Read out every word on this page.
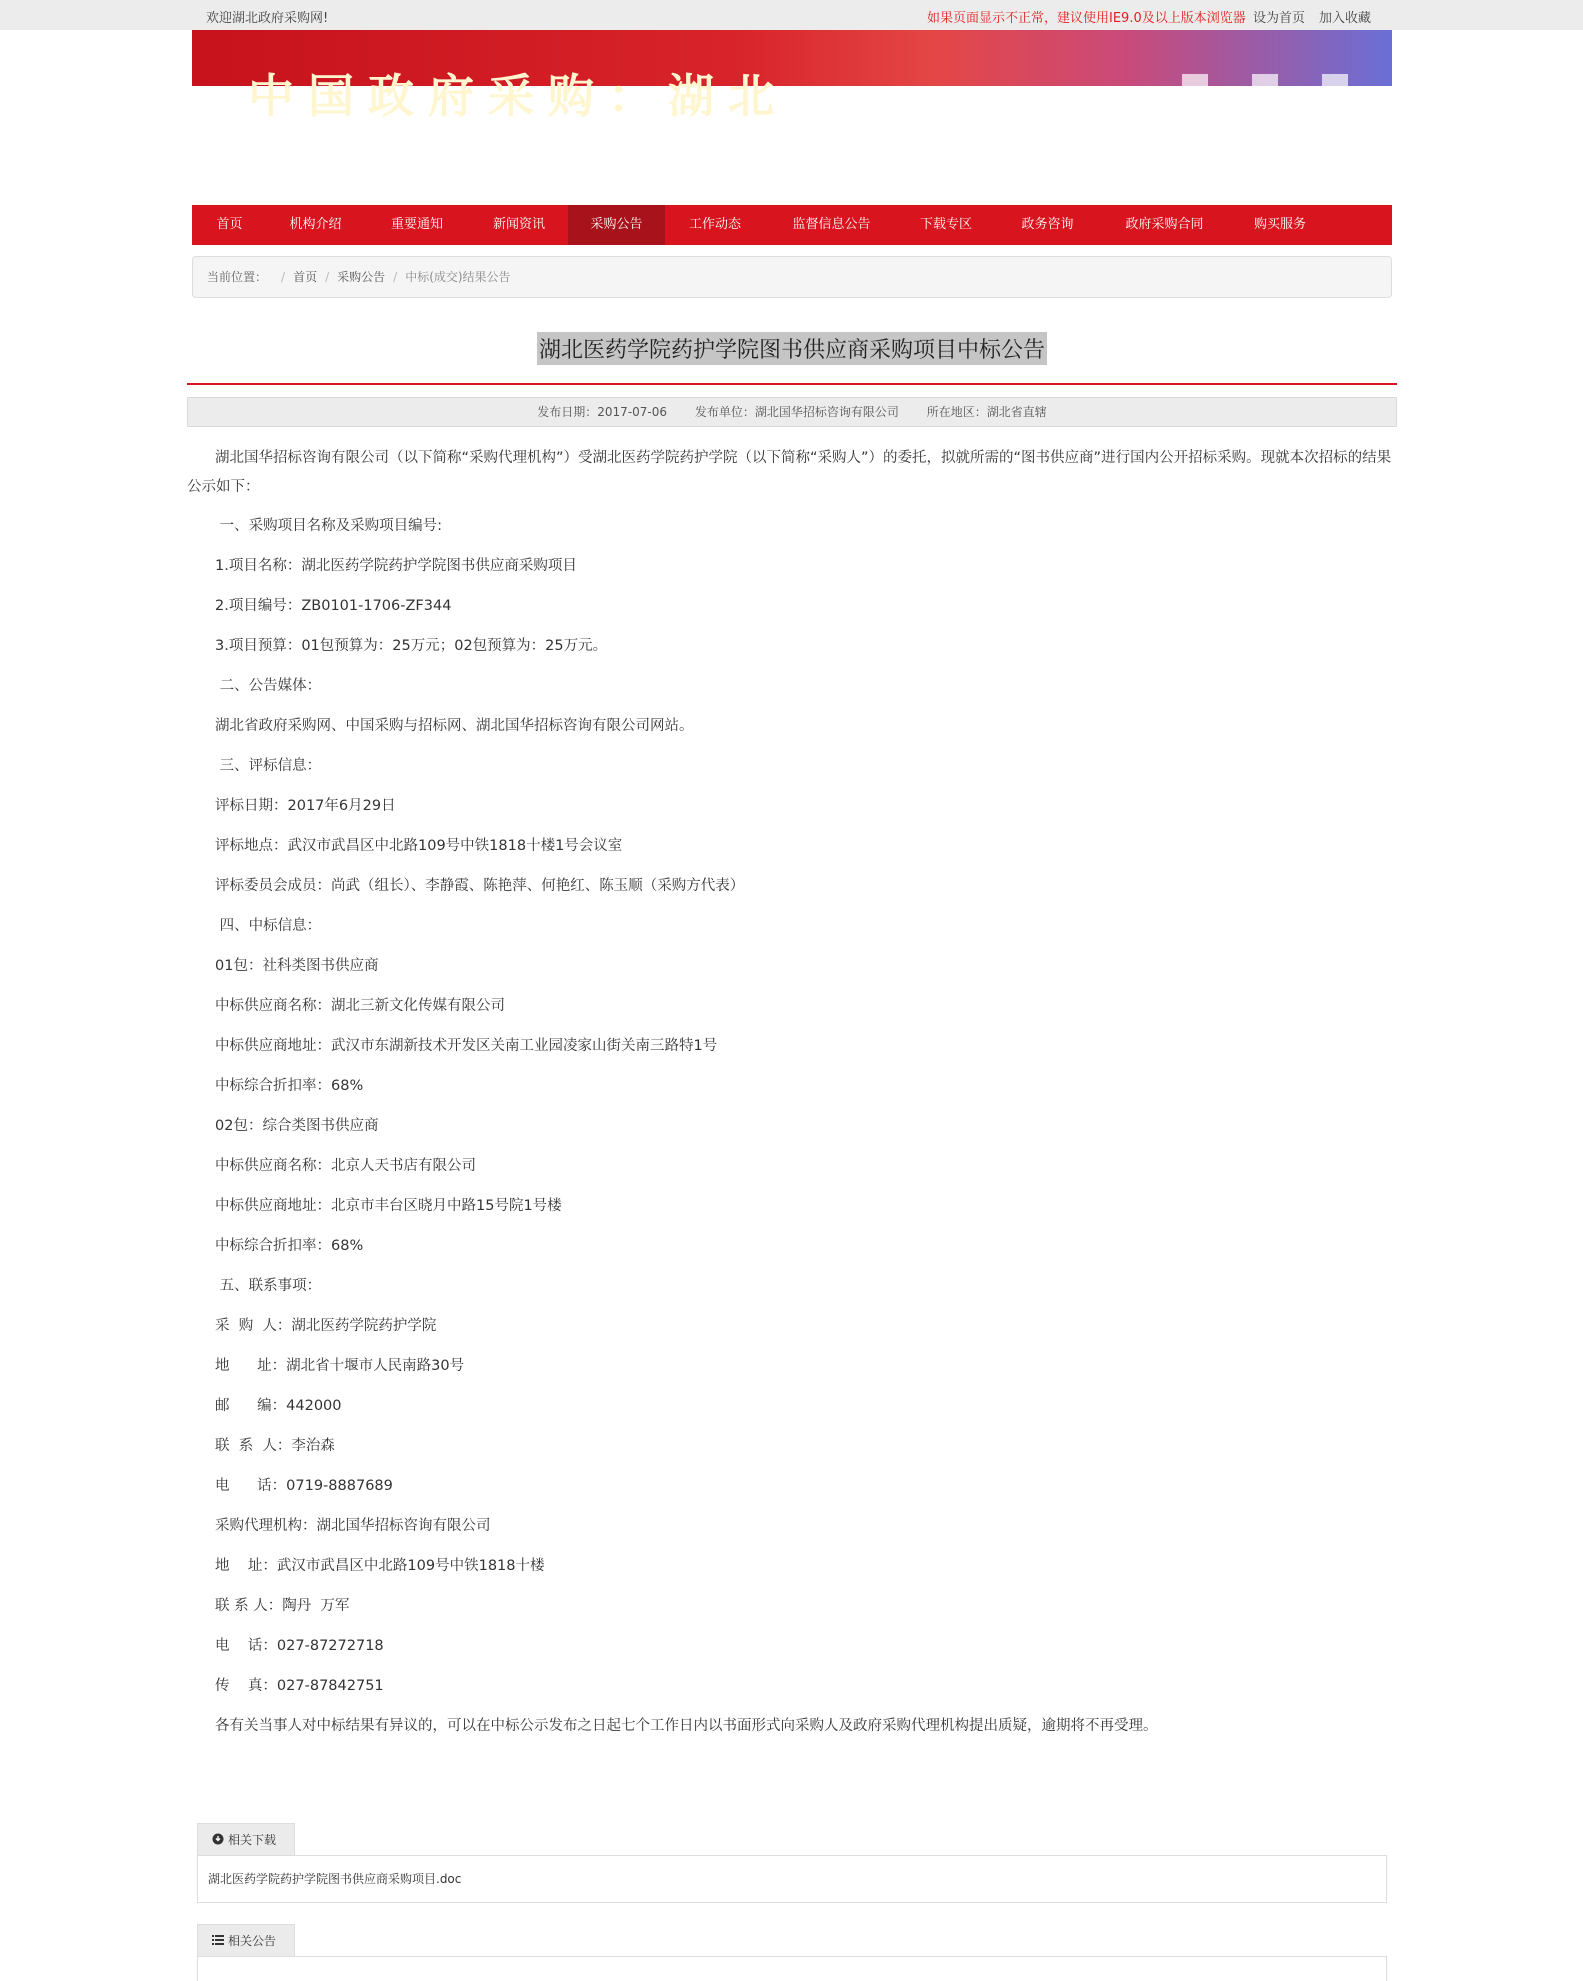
欢迎湖北政府采购网!	如果页面显示不正常，建议使用IE9.0及以上版本浏览器 设为首页 加入收藏
中国政府采购：湖北
首页	机构介绍	重要通知	新闻资讯	采购公告	工作动态	监督信息公告	下载专区	政务咨询	政府采购合同	购买服务
当前位置： / 首页 / 采购公告 / 中标(成交)结果公告
湖北医药学院药护学院图书供应商采购项目中标公告
发布日期：2017-07-06 发布单位：湖北国华招标咨询有限公司 所在地区：湖北省直辖

湖北国华招标咨询有限公司（以下简称“采购代理机构”）受湖北医药学院药护学院（以下简称“采购人”）的委托，拟就所需的“图书供应商”进行国内公开招标采购。现就本次招标的结果公示如下：

一、采购项目名称及采购项目编号:
1.项目名称：湖北医药学院药护学院图书供应商采购项目
2.项目编号：ZB0101-1706-ZF344
3.项目预算：01包预算为：25万元；02包预算为：25万元。
二、公告媒体：
湖北省政府采购网、中国采购与招标网、湖北国华招标咨询有限公司网站。
三、评标信息：
评标日期：2017年6月29日
评标地点：武汉市武昌区中北路109号中铁1818十楼1号会议室
评标委员会成员：尚武（组长）、李静霞、陈艳萍、何艳红、陈玉顺（采购方代表）
四、中标信息：
01包：社科类图书供应商
中标供应商名称：湖北三新文化传媒有限公司
中标供应商地址：武汉市东湖新技术开发区关南工业园凌家山街关南三路特1号
中标综合折扣率：68%
02包：综合类图书供应商
中标供应商名称：北京人天书店有限公司
中标供应商地址：北京市丰台区晓月中路15号院1号楼
中标综合折扣率：68%
五、联系事项：
采  购  人：湖北医药学院药护学院
地      址：湖北省十堰市人民南路30号
邮      编：442000
联  系  人：李治森
电      话：0719-8887689
采购代理机构：湖北国华招标咨询有限公司
地    址：武汉市武昌区中北路109号中铁1818十楼
联 系 人：陶丹  万军
电    话：027-87272718
传    真：027-87842751
各有关当事人对中标结果有异议的，可以在中标公示发布之日起七个工作日内以书面形式向采购人及政府采购代理机构提出质疑，逾期将不再受理。
相关下载
湖北医药学院药护学院图书供应商采购项目.doc
相关公告
